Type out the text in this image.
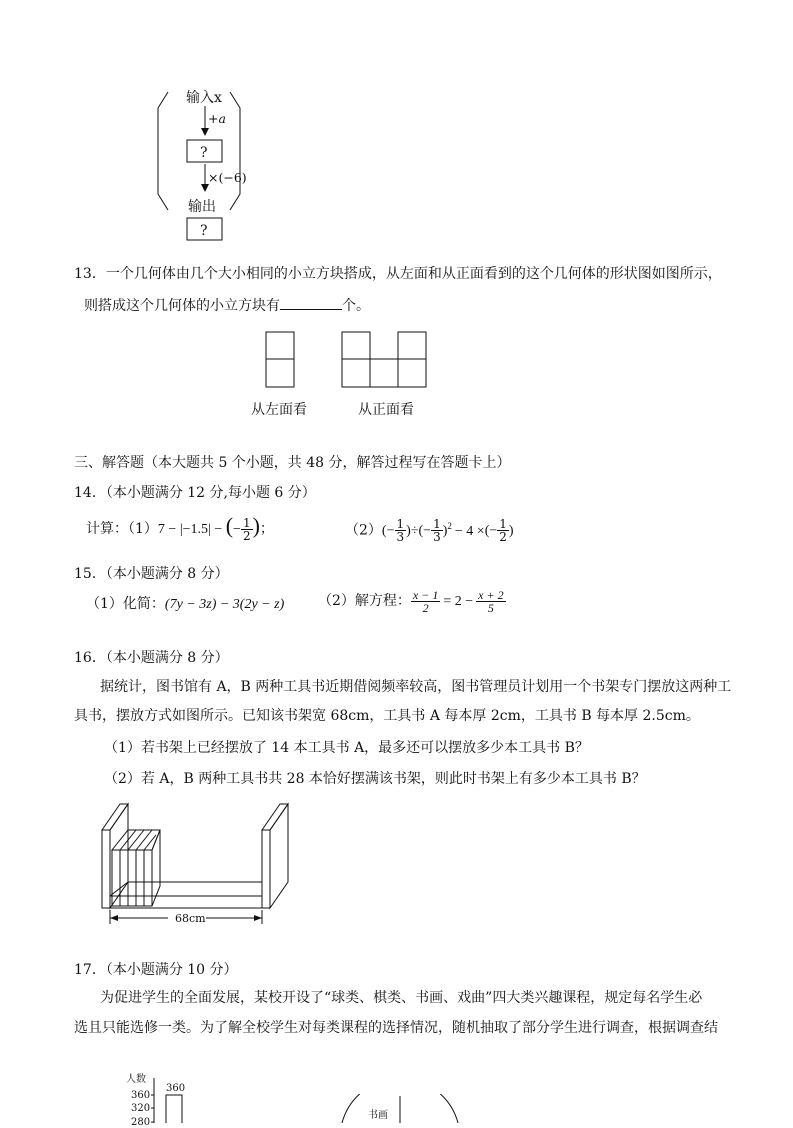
输入x
+a
?
×(−6)
输出
?
13．一个几何体由几个大小相同的小立方块搭成，从左面和从正面看到的这个几何体的形状图如图所示，
则搭成这个几何体的小立方块有	个。
从左面看	从正面看
三、解答题（本大题共 5 个小题，共 48 分，解答过程写在答题卡上）
14．（本小题满分 12 分,每小题 6 分）
计算：（1）7 − |−1.5| − (− $\frac{1}{2}$ )；	$(2)(- \frac{1}{3}$ )÷(− $\frac{1}{3} )^2 - 4$ ×(− $\frac{1}{2}$ )
15．（本小题满分 8 分）
（1）化简：(7y − 3z) − 3(2y − z) （2）解方程： $\frac{x - 1}{2} = 2 - \frac{x + 2}{5}$
16．（本小题满分 8 分）
据统计，图书馆有 A，B 两种工具书近期借阅频率较高，图书管理员计划用一个书架专门摆放这两种工
具书，摆放方式如图所示。已知该书架宽 68cm，工具书 A 每本厚 2cm，工具书 B 每本厚 2.5cm。
（1）若书架上已经摆放了 14 本工具书 A，最多还可以摆放多少本工具书 B？
（2）若 A，B 两种工具书共 28 本恰好摆满该书架，则此时书架上有多少本工具书 B？
68cm
17．（本小题满分 10 分）
为促进学生的全面发展，某校开设了“球类、棋类、书画、戏曲”四大类兴趣课程，规定每名学生必
选且只能选修一类。为了解全校学生对每类课程的选择情况，随机抽取了部分学生进行调查，根据调查结
人数
360
360
320
280
书画
